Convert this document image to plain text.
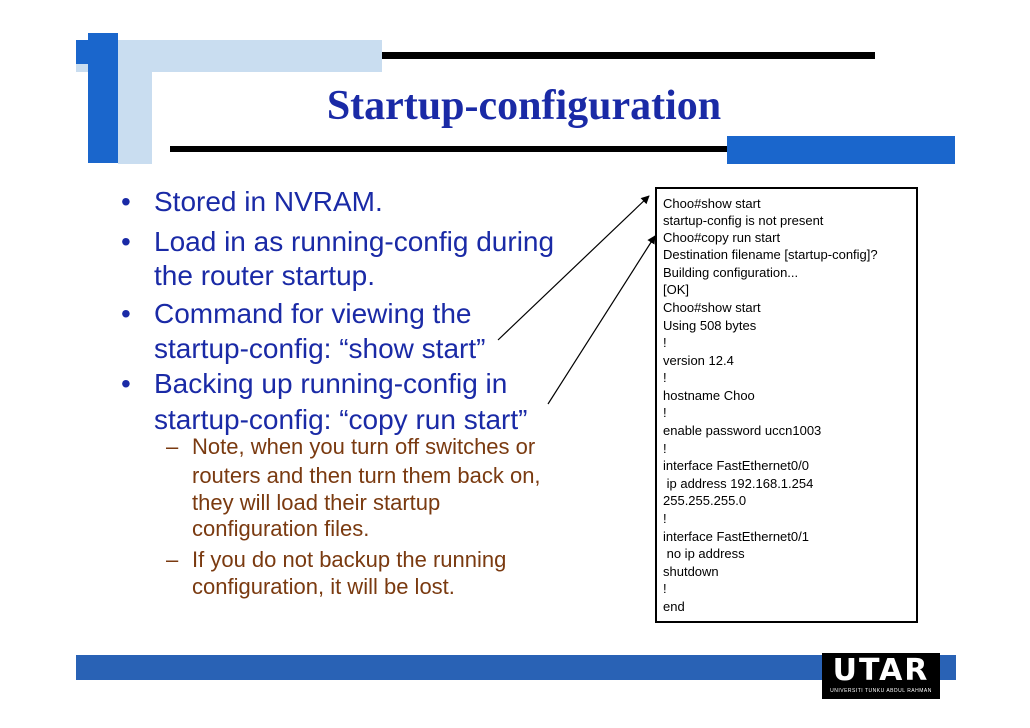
Startup-configuration
• Stored in NVRAM.
• Load in as running-config during
the router startup.
• Command for viewing the
startup-config: “show start”
• Backing up running-config in
startup-config: “copy run start”
– Note, when you turn off switches or
routers and then turn them back on,
they will load their startup
configuration files.
– If you do not backup the running
configuration, it will be lost.
Choo#show start
startup-config is not present
Choo#copy run start
Destination filename [startup-config]?
Building configuration...
[OK]
Choo#show start
Using 508 bytes
!
version 12.4
!
hostname Choo
!
enable password uccn1003
!
interface FastEthernet0/0
ip address 192.168.1.254
255.255.255.0
!
interface FastEthernet0/1
no ip address
shutdown
!
end
UTAR
UNIVERSITI TUNKU ABDUL RAHMAN
